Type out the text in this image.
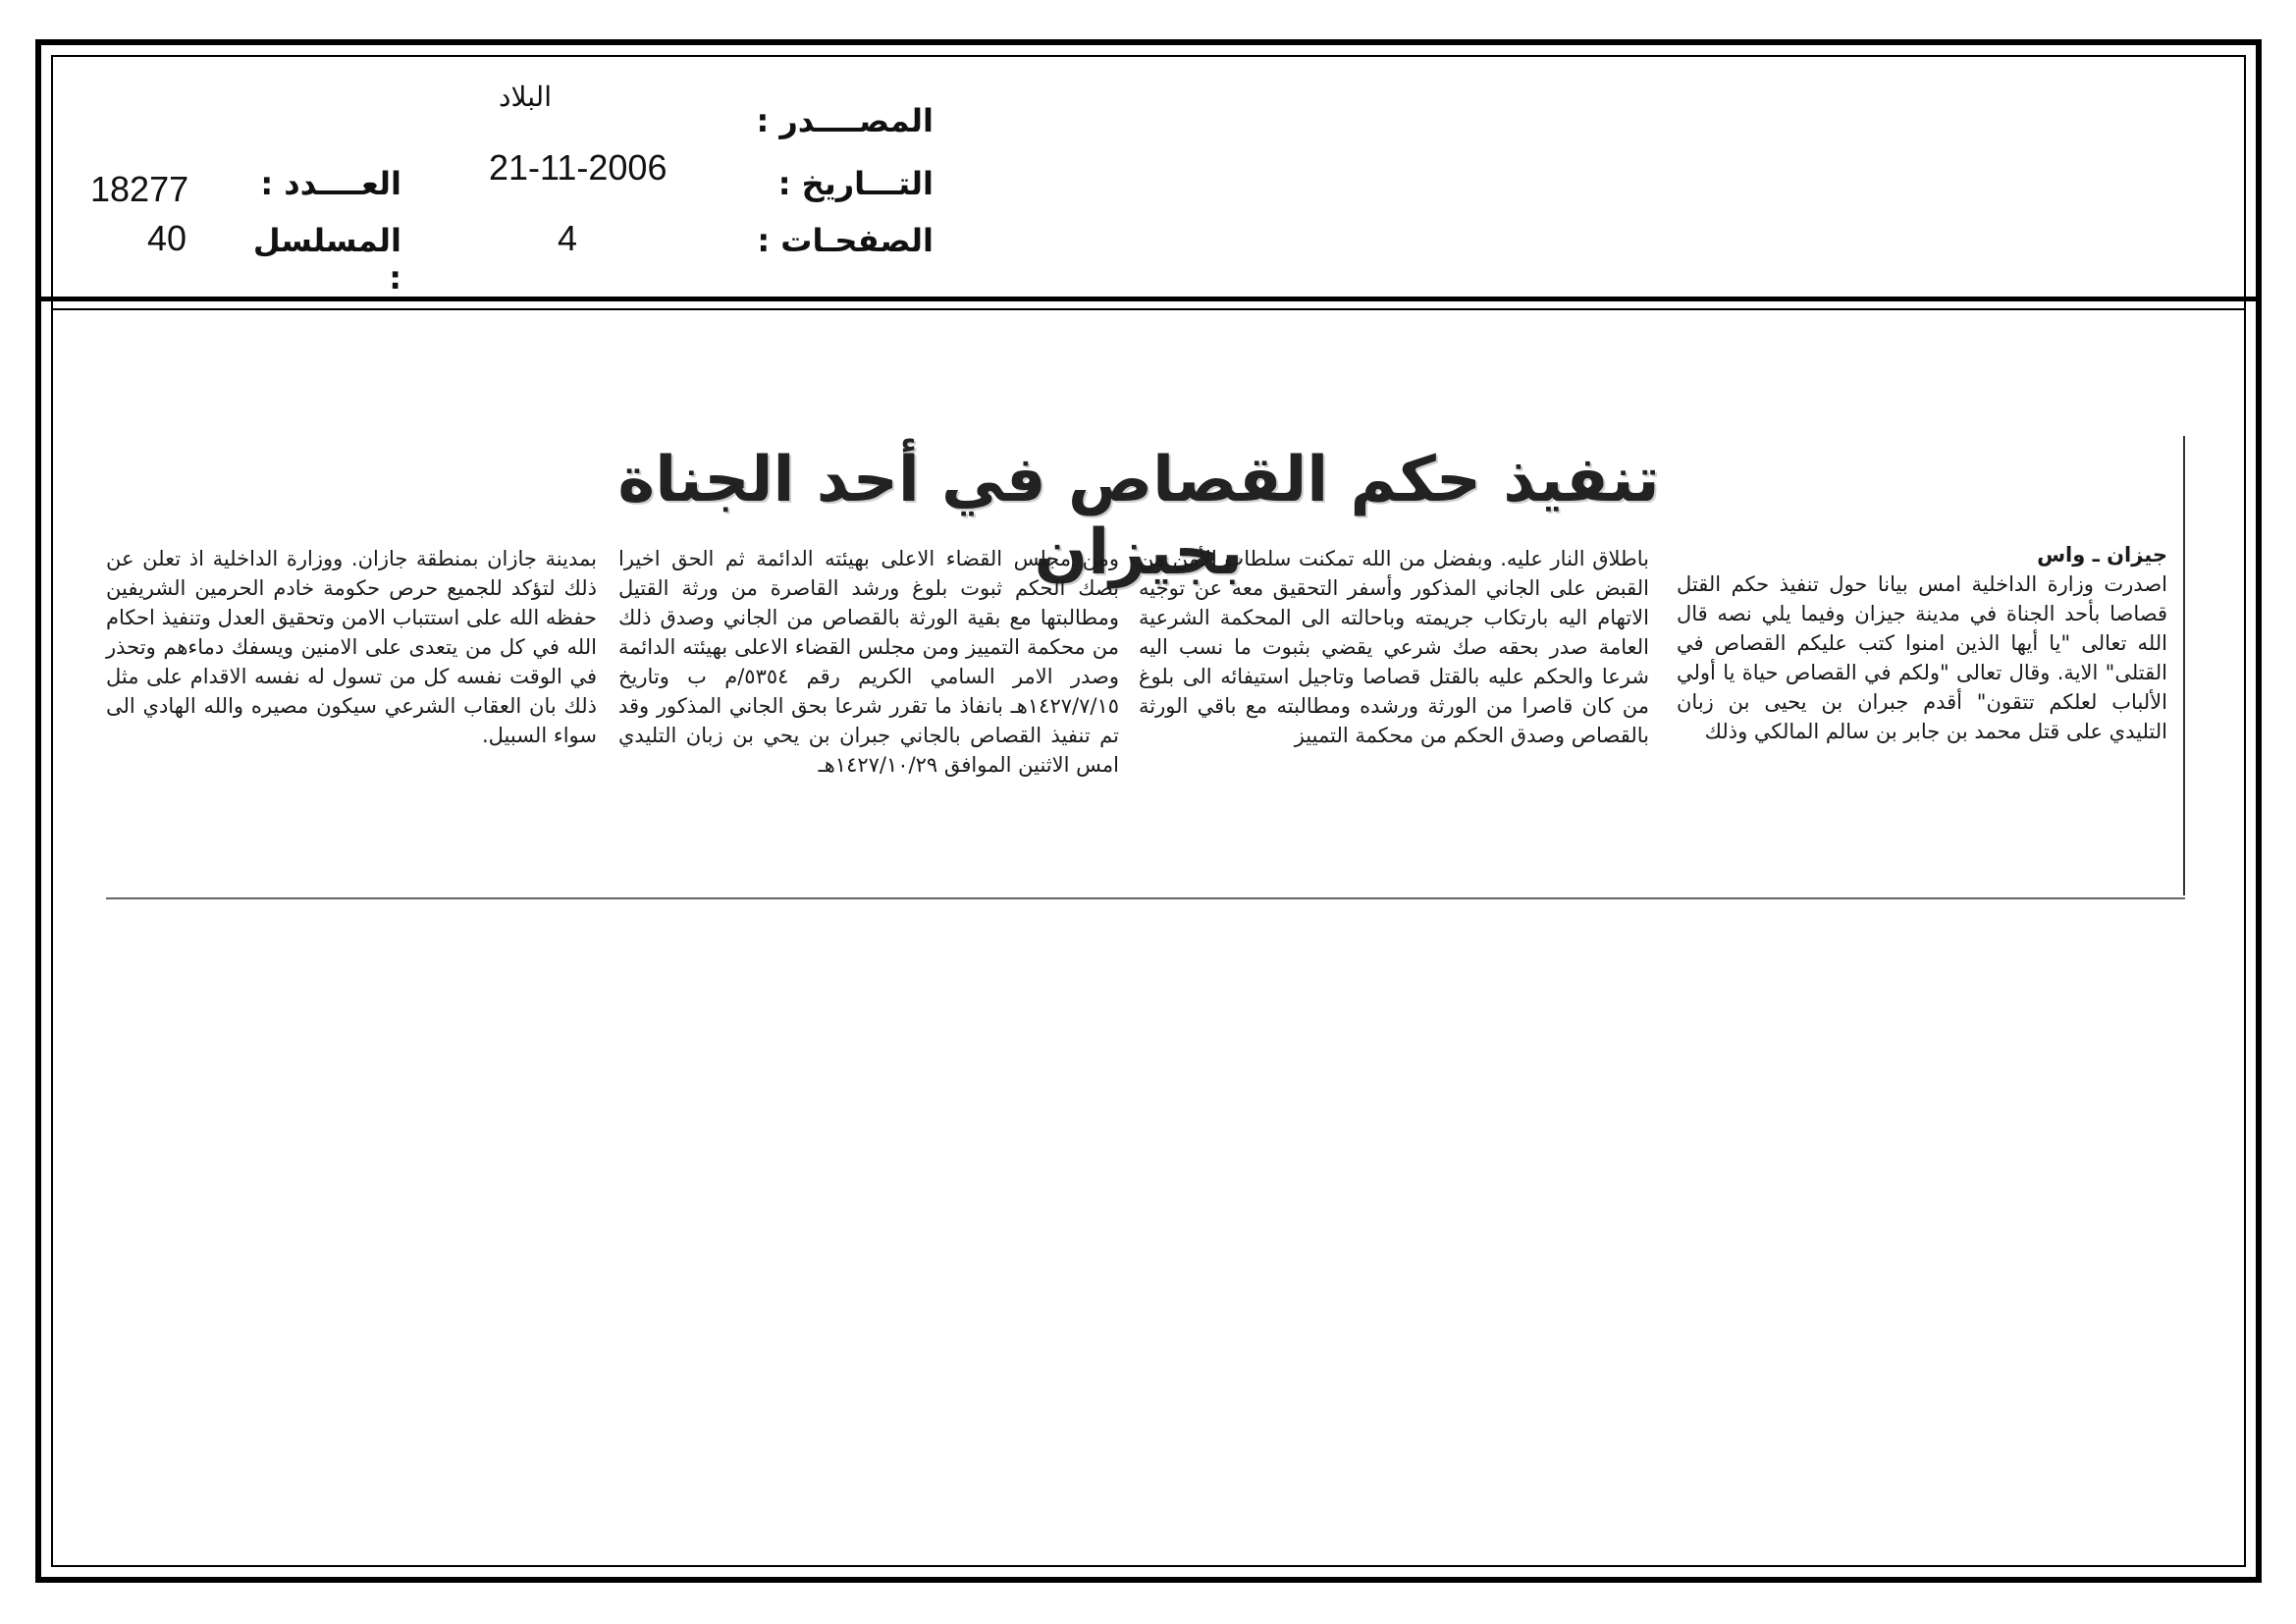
المصــــدر :
البلاد
التـــاريخ :
21-11-2006
الصفحـات :
4
العــــدد :
18277
المسلسل :
40
تنفيذ حكم القصاص في أحد الجناة بجيزان	جيزان ـ واس

اصدرت وزارة الداخلية امس بيانا حول تنفيذ حكم القتل قصاصا بأحد الجناة في مدينة جيزان وفيما يلي نصه قال الله تعالى "يا أيها الذين امنوا كتب عليكم القصاص في القتلى" الاية. وقال تعالى "ولكم في القصاص حياة يا أولي الألباب لعلكم تتقون" أقدم جبران بن يحيى بن زبان التليدي على قتل محمد بن جابر بن سالم المالكي وذلك

باطلاق النار عليه. وبفضل من الله تمكنت سلطات الأمن من القبض على الجاني المذكور وأسفر التحقيق معه عن توجيه الاتهام اليه بارتكاب جريمته وباحالته الى المحكمة الشرعية العامة صدر بحقه صك شرعي يقضي بثبوت ما نسب اليه شرعا والحكم عليه بالقتل قصاصا وتاجيل استيفائه الى بلوغ من كان قاصرا من الورثة ورشده ومطالبته مع باقي الورثة بالقصاص وصدق الحكم من محكمة التمييز

ومن مجلس القضاء الاعلى بهيئته الدائمة ثم الحق اخيرا بصك الحكم ثبوت بلوغ ورشد القاصرة من ورثة القتيل ومطالبتها مع بقية الورثة بالقصاص من الجاني وصدق ذلك من محكمة التمييز ومن مجلس القضاء الاعلى بهيئته الدائمة وصدر الامر السامي الكريم رقم ٥٣٥٤/م ب وتاريخ ١٤٢٧/٧/١٥هـ بانفاذ ما تقرر شرعا بحق الجاني المذكور وقد تم تنفيذ القصاص بالجاني جبران بن يحي بن زبان التليدي امس الاثنين الموافق ١٤٢٧/١٠/٢٩هـ

بمدينة جازان بمنطقة جازان. ووزارة الداخلية اذ تعلن عن ذلك لتؤكد للجميع حرص حكومة خادم الحرمين الشريفين حفظه الله على استتباب الامن وتحقيق العدل وتنفيذ احكام الله في كل من يتعدى على الامنين ويسفك دماءهم وتحذر في الوقت نفسه كل من تسول له نفسه الاقدام على مثل ذلك بان العقاب الشرعي سيكون مصيره والله الهادي الى سواء السبيل.
